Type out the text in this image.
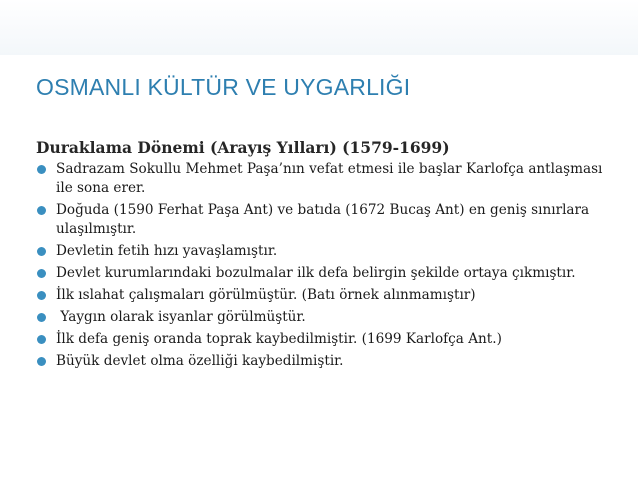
OSMANLI KÜLTÜR VE UYGARLIĞI
Duraklama Dönemi (Arayış Yılları) (1579-1699)
Sadrazam Sokullu Mehmet Paşa’nın vefat etmesi ile başlar Karlofça antlaşması ile sona erer.
Doğuda (1590 Ferhat Paşa Ant) ve batıda (1672 Bucaş Ant) en geniş sınırlara ulaşılmıştır.
Devletin fetih hızı yavaşlamıştır.
Devlet kurumlarındaki bozulmalar ilk defa belirgin şekilde ortaya çıkmıştır.
İlk ıslahat çalışmaları görülmüştür. (Batı örnek alınmamıştır)
Yaygın olarak isyanlar görülmüştür.
İlk defa geniş oranda toprak kaybedilmiştir. (1699 Karlofça Ant.)
Büyük devlet olma özelliği kaybedilmiştir.
